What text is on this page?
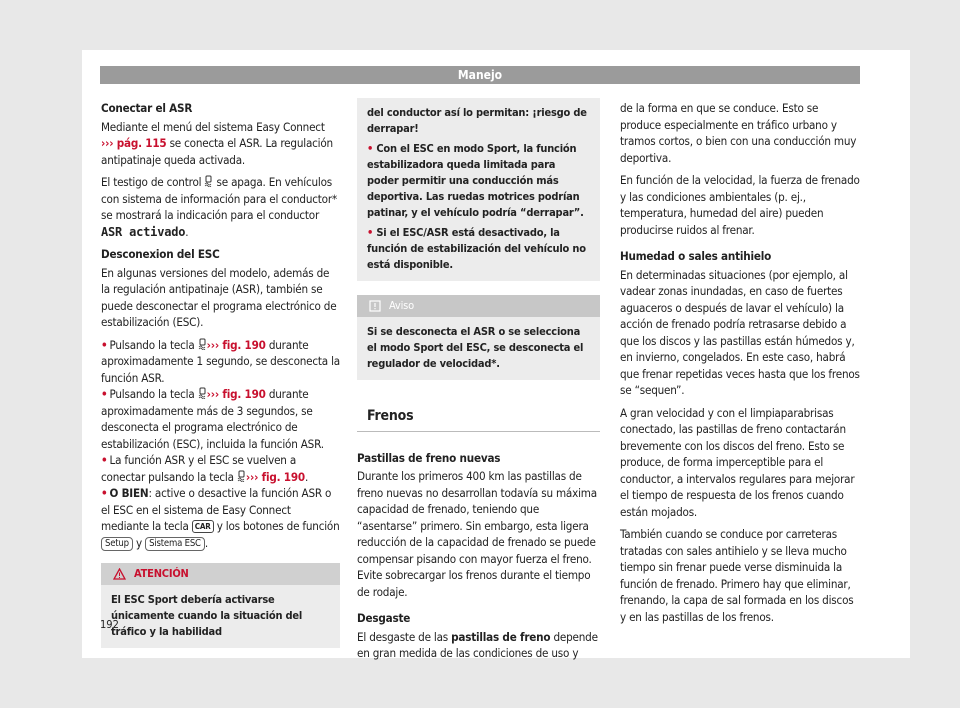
Manejo

Conectar el ASR

Mediante el menú del sistema Easy Connect
››› pág. 115 se conecta el ASR. La regulación antipatinaje queda activada.

El testigo de control  se apaga. En vehículos con sistema de información para el conductor* se mostrará la indicación para el conductor ASR activado.

Desconexion del ESC

En algunas versiones del modelo, además de la regulación antipatinaje (ASR), también se puede desconectar el programa electrónico de estabilización (ESC).

• Pulsando la tecla ››› fig. 190 durante aproximadamente 1 segundo, se desconecta la función ASR.

• Pulsando la tecla ››› fig. 190 durante aproximadamente más de 3 segundos, se desconecta el programa electrónico de estabilización (ESC), incluida la función ASR.

• La función ASR y el ESC se vuelven a conectar pulsando la tecla ››› fig. 190.

• O BIEN: active o desactive la función ASR o el ESC en el sistema de Easy Connect mediante la tecla CAR y los botones de función Setup y Sistema ESC .

ATENCIÓN
El ESC Sport debería activarse únicamente cuando la situación del tráfico y la habilidad
del conductor así lo permitan: ¡riesgo de derrapar!
• Con el ESC en modo Sport, la función estabilizadora queda limitada para poder permitir una conducción más deportiva. Las ruedas motrices podrían patinar, y el vehículo podría “derrapar”.
• Si el ESC/ASR está desactivado, la función de estabilización del vehículo no está disponible.
Aviso
Si se desconecta el ASR o se selecciona el modo Sport del ESC, se desconecta el regulador de velocidad*.
Frenos

Pastillas de freno nuevas

Durante los primeros 400 km las pastillas de freno nuevas no desarrollan todavía su máxima capacidad de frenado, teniendo que “asentarse” primero. Sin embargo, esta ligera reducción de la capacidad de frenado se puede compensar pisando con mayor fuerza el freno. Evite sobrecargar los frenos durante el tiempo de rodaje.

Desgaste

El desgaste de las pastillas de freno depende en gran medida de las condiciones de uso y

de la forma en que se conduce. Esto se produce especialmente en tráfico urbano y tramos cortos, o bien con una conducción muy deportiva.

En función de la velocidad, la fuerza de frenado y las condiciones ambientales (p. ej., temperatura, humedad del aire) pueden producirse ruidos al frenar.

Humedad o sales antihielo

En determinadas situaciones (por ejemplo, al vadear zonas inundadas, en caso de fuertes aguaceros o después de lavar el vehículo) la acción de frenado podría retrasarse debido a que los discos y las pastillas están húmedos y, en invierno, congelados. En este caso, habrá que frenar repetidas veces hasta que los frenos se “sequen”.

A gran velocidad y con el limpiaparabrisas conectado, las pastillas de freno contactarán brevemente con los discos del freno. Esto se produce, de forma imperceptible para el conductor, a intervalos regulares para mejorar el tiempo de respuesta de los frenos cuando están mojados.

También cuando se conduce por carreteras tratadas con sales antihielo y se lleva mucho tiempo sin frenar puede verse disminuida la función de frenado. Primero hay que eliminar, frenando, la capa de sal formada en los discos y en las pastillas de los frenos.

192
